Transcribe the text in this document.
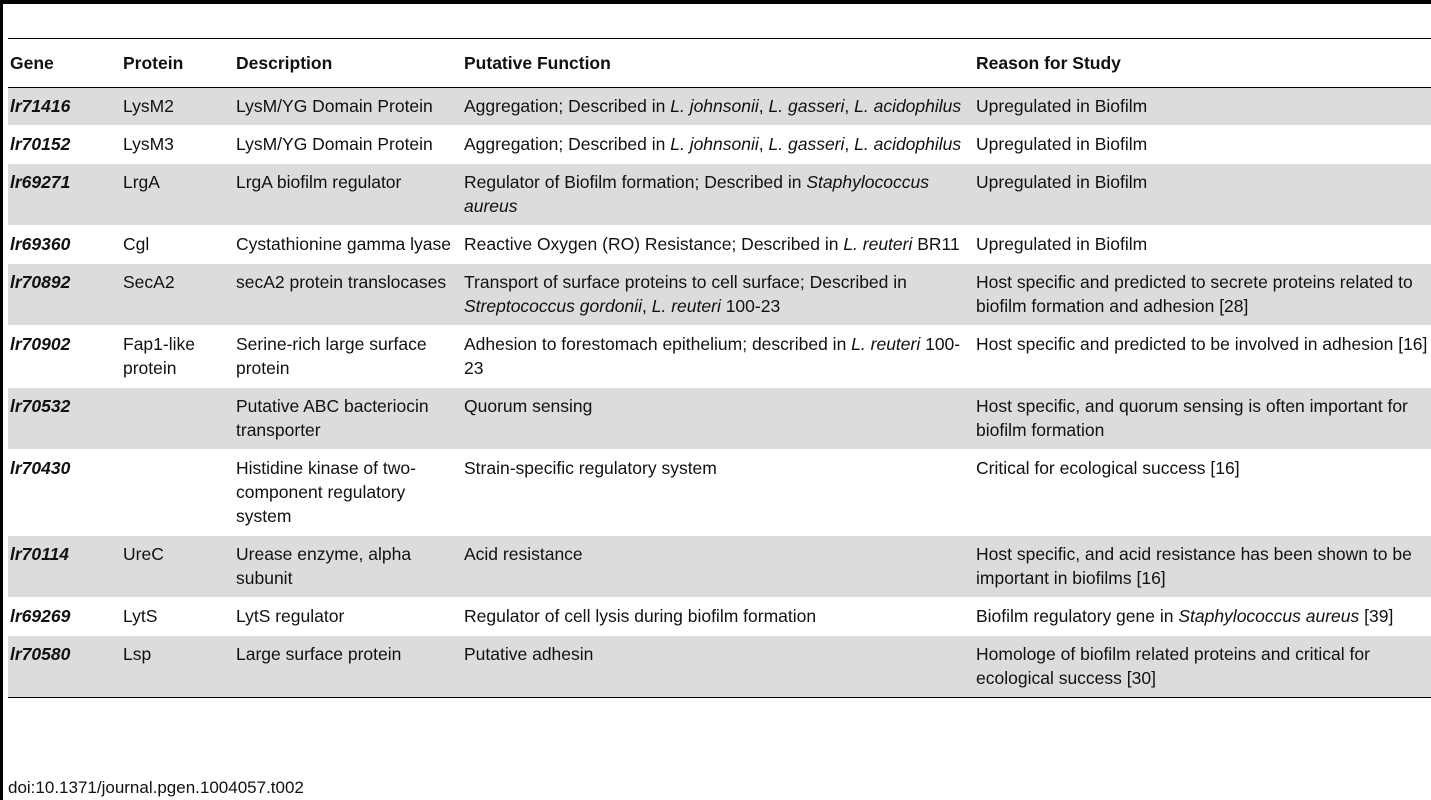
Gene	Protein	Description	Putative Function	Reason for Study
lr71416	LysM2	LysM/YG Domain Protein	Aggregation; Described in L. johnsonii, L. gasseri, L. acidophilus	Upregulated in Biofilm
lr70152	LysM3	LysM/YG Domain Protein	Aggregation; Described in L. johnsonii, L. gasseri, L. acidophilus	Upregulated in Biofilm
lr69271	LrgA	LrgA biofilm regulator	Regulator of Biofilm formation; Described in Staphylococcus aureus	Upregulated in Biofilm
lr69360	Cgl	Cystathionine gamma lyase	Reactive Oxygen (RO) Resistance; Described in L. reuteri BR11	Upregulated in Biofilm
lr70892	SecA2	secA2 protein translocases	Transport of surface proteins to cell surface; Described in Streptococcus gordonii, L. reuteri 100-23	Host specific and predicted to secrete proteins related to biofilm formation and adhesion [28]
lr70902	Fap1-like protein	Serine-rich large surface protein	Adhesion to forestomach epithelium; described in L. reuteri 100-23	Host specific and predicted to be involved in adhesion [16]
lr70532		Putative ABC bacteriocin transporter	Quorum sensing	Host specific, and quorum sensing is often important for biofilm formation
lr70430		Histidine kinase of two-component regulatory system	Strain-specific regulatory system	Critical for ecological success [16]
lr70114	UreC	Urease enzyme, alpha subunit	Acid resistance	Host specific, and acid resistance has been shown to be important in biofilms [16]
lr69269	LytS	LytS regulator	Regulator of cell lysis during biofilm formation	Biofilm regulatory gene in Staphylococcus aureus [39]
lr70580	Lsp	Large surface protein	Putative adhesin	Homologe of biofilm related proteins and critical for ecological success [30]
doi:10.1371/journal.pgen.1004057.t002
